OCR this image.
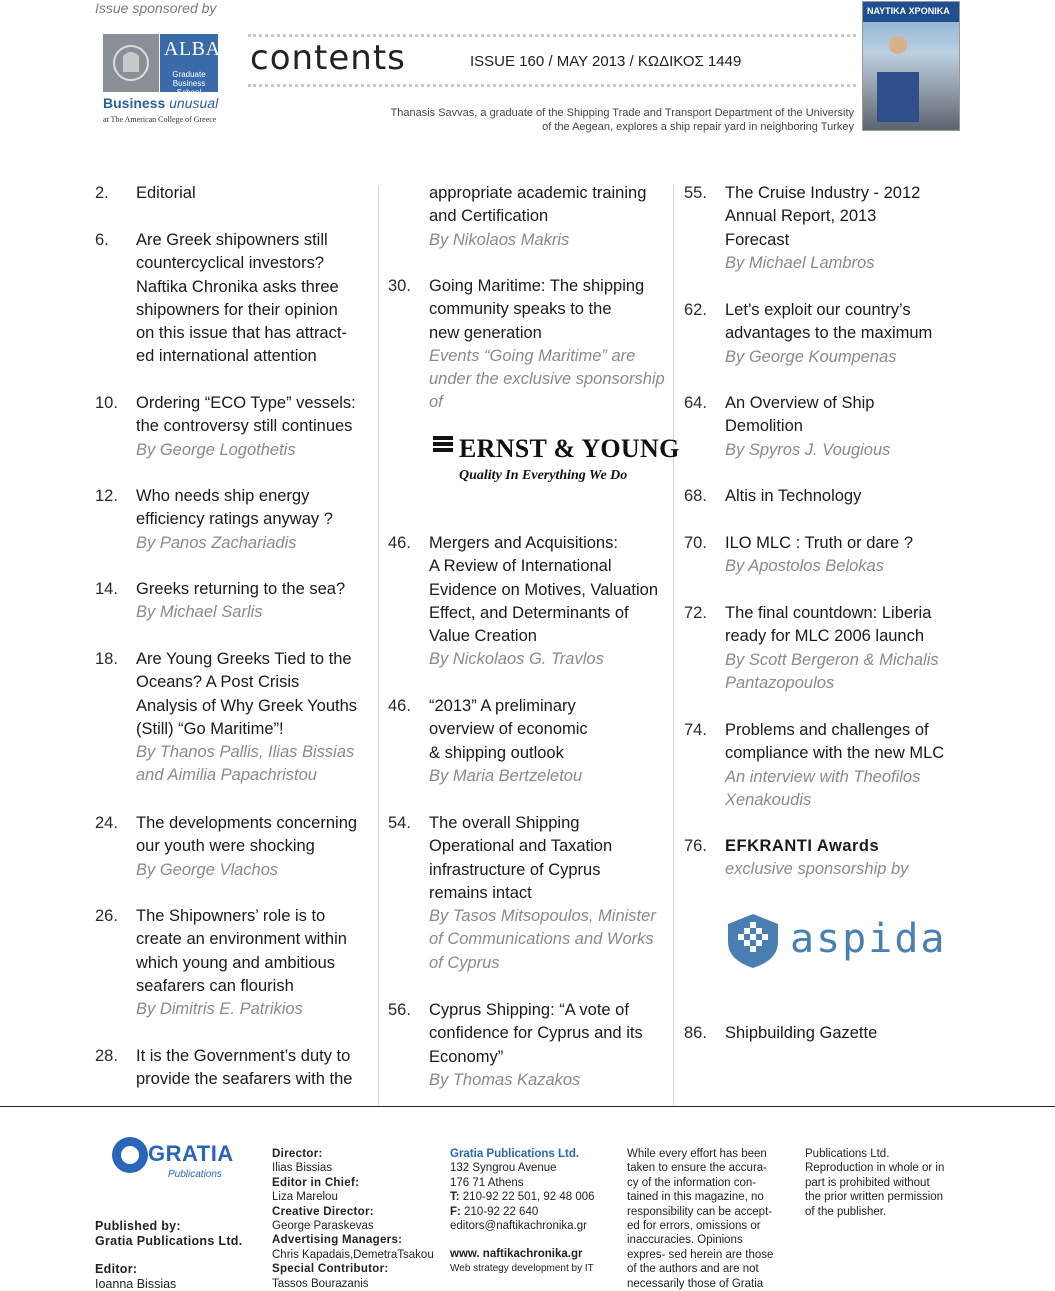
Issue sponsored by
ALBA
Graduate Business School
Business unusual
at The American College of Greece
contents	ISSUE 160 / MAY 2013 / ΚΩΔΙΚΟΣ 1449
Thanasis Savvas, a graduate of the Shipping Trade and Transport Department of the University
of the Aegean, explores a ship repair yard in neighboring Turkey
ΝΑΥΤΙΚΑ ΧΡΟΝΙΚΑ
2. Editorial
6. Are Greek shipowners still
countercyclical investors?
Naftika Chronika asks three
shipowners for their opinion
on this issue that has attract-
ed international attention
10. Ordering “ECO Type” vessels:
the controversy still continues
By George Logothetis
12. Who needs ship energy
efficiency ratings anyway ?
By Panos Zachariadis
14. Greeks returning to the sea?
By Michael Sarlis
18. Are Young Greeks Tied to the
Oceans? A Post Crisis
Analysis of Why Greek Youths
(Still) “Go Maritime”!
By Thanos Pallis, Ilias Bissias
and Aimilia Papachristou
24. The developments concerning
our youth were shocking
By George Vlachos
26. The Shipowners’ role is to
create an environment within
which young and ambitious
seafarers can flourish
By Dimitris E. Patrikios
28. It is the Government’s duty to
provide the seafarers with the
appropriate academic training
and Certification
By Nikolaos Makris
30. Going Maritime: The shipping
community speaks to the
new generation
Events “Going Maritime” are
under the exclusive sponsorship of
ERNST & YOUNG
Quality In Everything We Do
46. Mergers and Acquisitions:
A Review of International
Evidence on Motives, Valuation
Effect, and Determinants of
Value Creation
By Nickolaos G. Travlos
46. “2013” A preliminary
overview of economic
& shipping outlook
By Maria Bertzeletou
54. The overall Shipping
Operational and Taxation
infrastructure of Cyprus
remains intact
By Tasos Mitsopoulos, Minister
of Communications and Works
of Cyprus
56. Cyprus Shipping: “A vote of
confidence for Cyprus and its
Economy”
By Thomas Kazakos
55. The Cruise Industry - 2012
Annual Report, 2013
Forecast
By Michael Lambros
62. Let’s exploit our country’s
advantages to the maximum
By George Koumpenas
64. An Overview of Ship
Demolition
By Spyros J. Vougious
68. Altis in Technology
70. ILO MLC : Truth or dare ?
By Apostolos Belokas
72. The final countdown: Liberia
ready for MLC 2006 launch
By Scott Bergeron & Michalis
Pantazopoulos
74. Problems and challenges of
compliance with the new MLC
An interview with Theofilos
Xenakoudis
76. EFKRANTI Awards
exclusive sponsorship by
aspida
86. Shipbuilding Gazette
GRATIA
Publications
Published by:
Gratia Publications Ltd.
Editor:
Ioanna Bissias
Director:
Ilias Bissias
Editor in Chief:
Liza Marelou
Creative Director:
George Paraskevas
Advertising Managers:
Chris Kapadais,DemetraTsakou
Special Contributor:
Tassos Bourazanis
Gratia Publications Ltd.
132 Syngrou Avenue
176 71 Athens
T: 210-92 22 501, 92 48 006
F: 210-92 22 640
editors@naftikachronika.gr
www. naftikachronika.gr
Web strategy development by IT
While every effort has been
taken to ensure the accura-
cy of the information con-
tained in this magazine, no
responsibility can be accept-
ed for errors, omissions or
inaccuracies. Opinions
expres- sed herein are those
of the authors and are not
necessarily those of Gratia
Publications Ltd.
Reproduction in whole or in
part is prohibited without
the prior written permission
of the publisher.
